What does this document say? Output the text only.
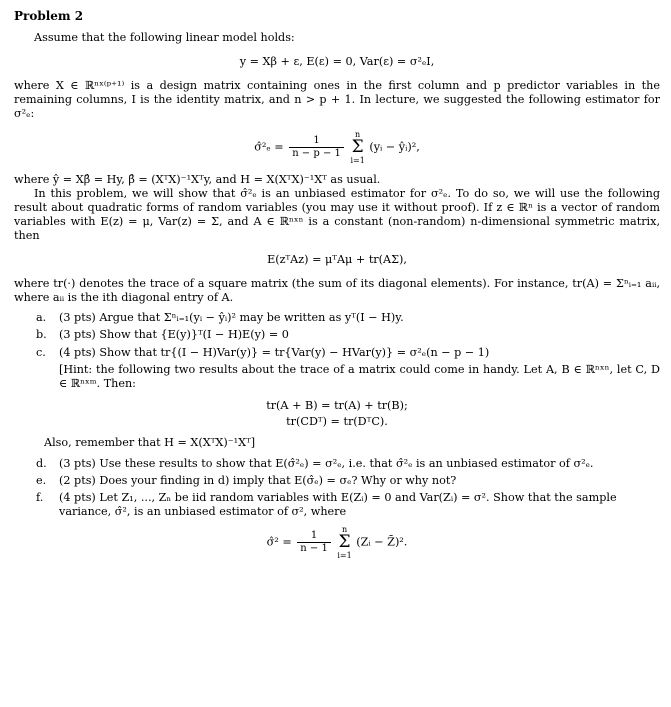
Problem 2

Assume that the following linear model holds:

y = Xβ + ε, E(ε) = 0, Var(ε) = σ²ₑI,

where X ∈ ℝⁿˣ⁽ᵖ⁺¹⁾ is a design matrix containing ones in the first column and p predictor variables in the remaining columns, I is the identity matrix, and n > p + 1. In lecture, we suggested the following estimator for σ²ₑ:

σ̂²ₑ = $\frac{1}{n - p - 1}$
n
Σ
i=1 (yᵢ − ŷᵢ)²,

where ŷ = Xβ̂ = Hy, β̂ = (XᵀX)⁻¹Xᵀy, and H = X(XᵀX)⁻¹Xᵀ as usual.

In this problem, we will show that σ̂²ₑ is an unbiased estimator for σ²ₑ. To do so, we will use the following result about quadratic forms of random variables (you may use it without proof). If z ∈ ℝⁿ is a vector of random variables with E(z) = μ, Var(z) = Σ, and A ∈ ℝⁿˣⁿ is a constant (non-random) n-dimensional symmetric matrix, then

E(zᵀAz) = μᵀAμ + tr(AΣ),

where tr(·) denotes the trace of a square matrix (the sum of its diagonal elements). For instance, tr(A) = Σⁿᵢ₌₁ aᵢᵢ, where aᵢᵢ is the ith diagonal entry of A.

a. (3 pts) Argue that Σⁿᵢ₌₁(yᵢ − ŷᵢ)² may be written as yᵀ(I − H)y.
b. (3 pts) Show that {E(y)}ᵀ(I − H)E(y) = 0
c. (4 pts) Show that tr{(I − H)Var(y)} = tr{Var(y) − HVar(y)} = σ²ₑ(n − p − 1)

[Hint: the following two results about the trace of a matrix could come in handy. Let A, B ∈ ℝⁿˣⁿ, let C, D ∈ ℝⁿˣᵐ. Then:

tr(A + B) = tr(A) + tr(B);
tr(CDᵀ) = tr(DᵀC).

Also, remember that H = X(XᵀX)⁻¹Xᵀ]

d. (3 pts) Use these results to show that E(σ̂²ₑ) = σ²ₑ, i.e. that σ̂²ₑ is an unbiased estimator of σ²ₑ.
e. (2 pts) Does your finding in d) imply that E(σ̂ₑ) = σₑ? Why or why not?
f. (4 pts) Let Z₁, ..., Zₙ be iid random variables with E(Zᵢ) = 0 and Var(Zᵢ) = σ². Show that the sample variance, σ̂², is an unbiased estimator of σ², where
σ̂² = $\frac{1}{n - 1}$
n
Σ
i=1 (Zᵢ − Z̄)².
